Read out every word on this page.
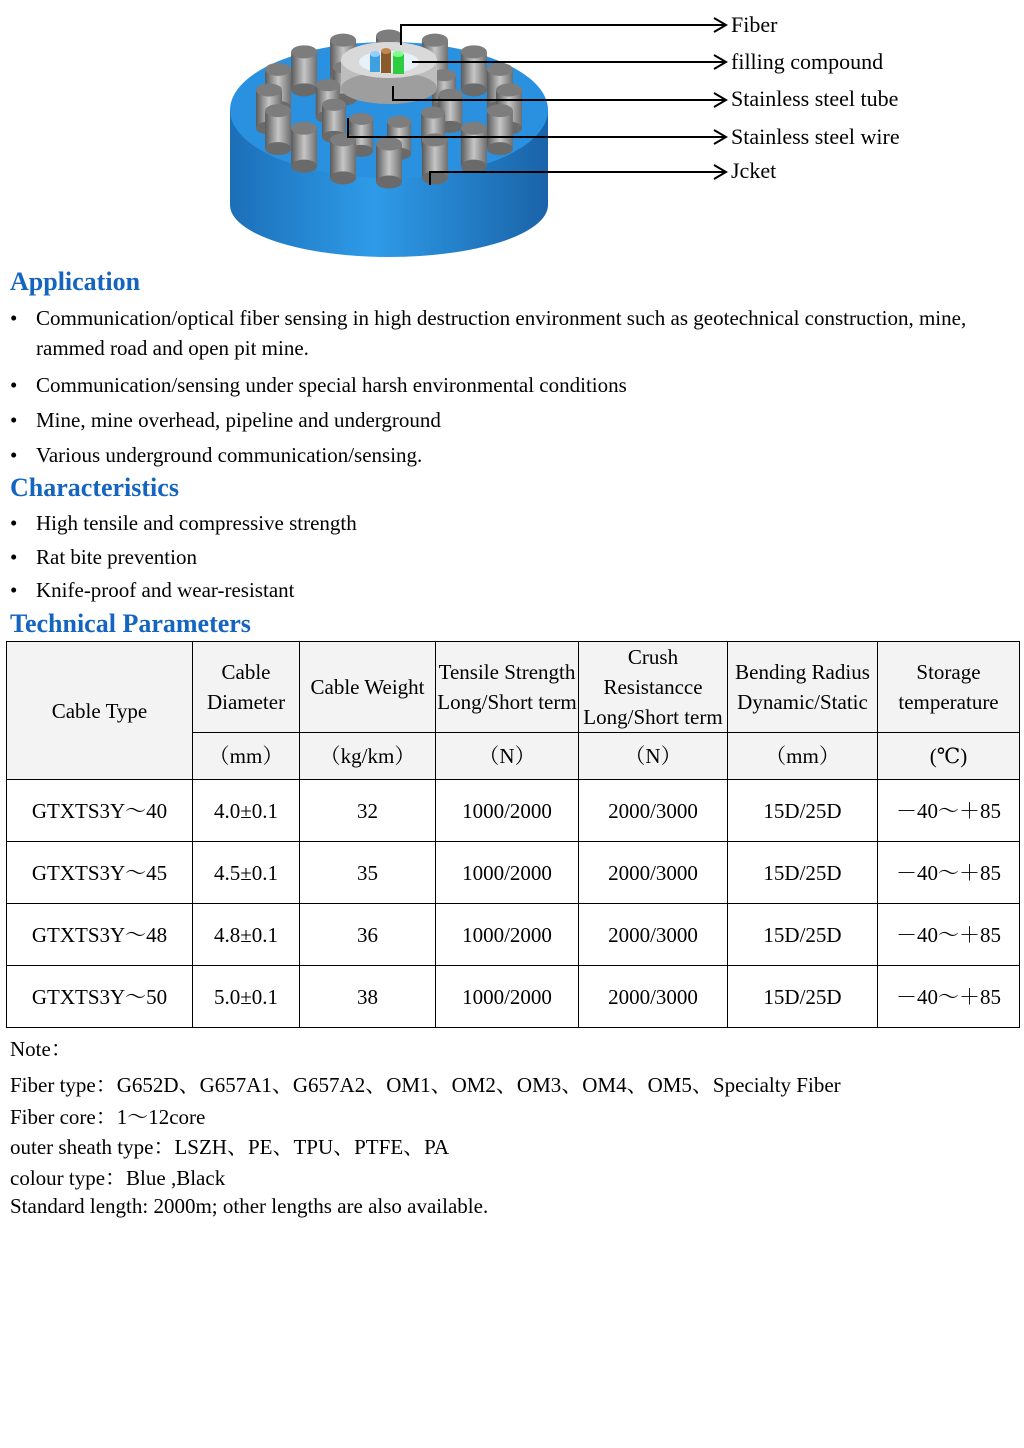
Fiber
filling compound
Stainless steel tube
Stainless steel wire
Jcket
Application
• Communication/optical fiber sensing in high destruction environment such as geotechnical construction, mine, rammed road and open pit mine.
• Communication/sensing under special harsh environmental conditions
• Mine, mine overhead, pipeline and underground
• Various underground communication/sensing.
Characteristics
• High tensile and compressive strength
• Rat bite prevention
• Knife-proof and wear-resistant
Technical Parameters
Cable Type	Cable Diameter	Cable Weight	Tensile Strength Long/Short term	Crush Resistancce Long/Short term	Bending Radius Dynamic/Static	Storage temperature
	（mm）	（kg/km）	（N）	（N）	（mm）	(℃)
GTXTS3Y～40	4.0±0.1	32	1000/2000	2000/3000	15D/25D	－40～＋85
GTXTS3Y～45	4.5±0.1	35	1000/2000	2000/3000	15D/25D	－40～＋85
GTXTS3Y～48	4.8±0.1	36	1000/2000	2000/3000	15D/25D	－40～＋85
GTXTS3Y～50	5.0±0.1	38	1000/2000	2000/3000	15D/25D	－40～＋85
Note：
Fiber type：G652D、G657A1、G657A2、OM1、OM2、OM3、OM4、OM5、Specialty Fiber
Fiber core：1～12core
outer sheath type：LSZH、PE、TPU、PTFE、PA
colour type：Blue ,Black
Standard length: 2000m; other lengths are also available.
